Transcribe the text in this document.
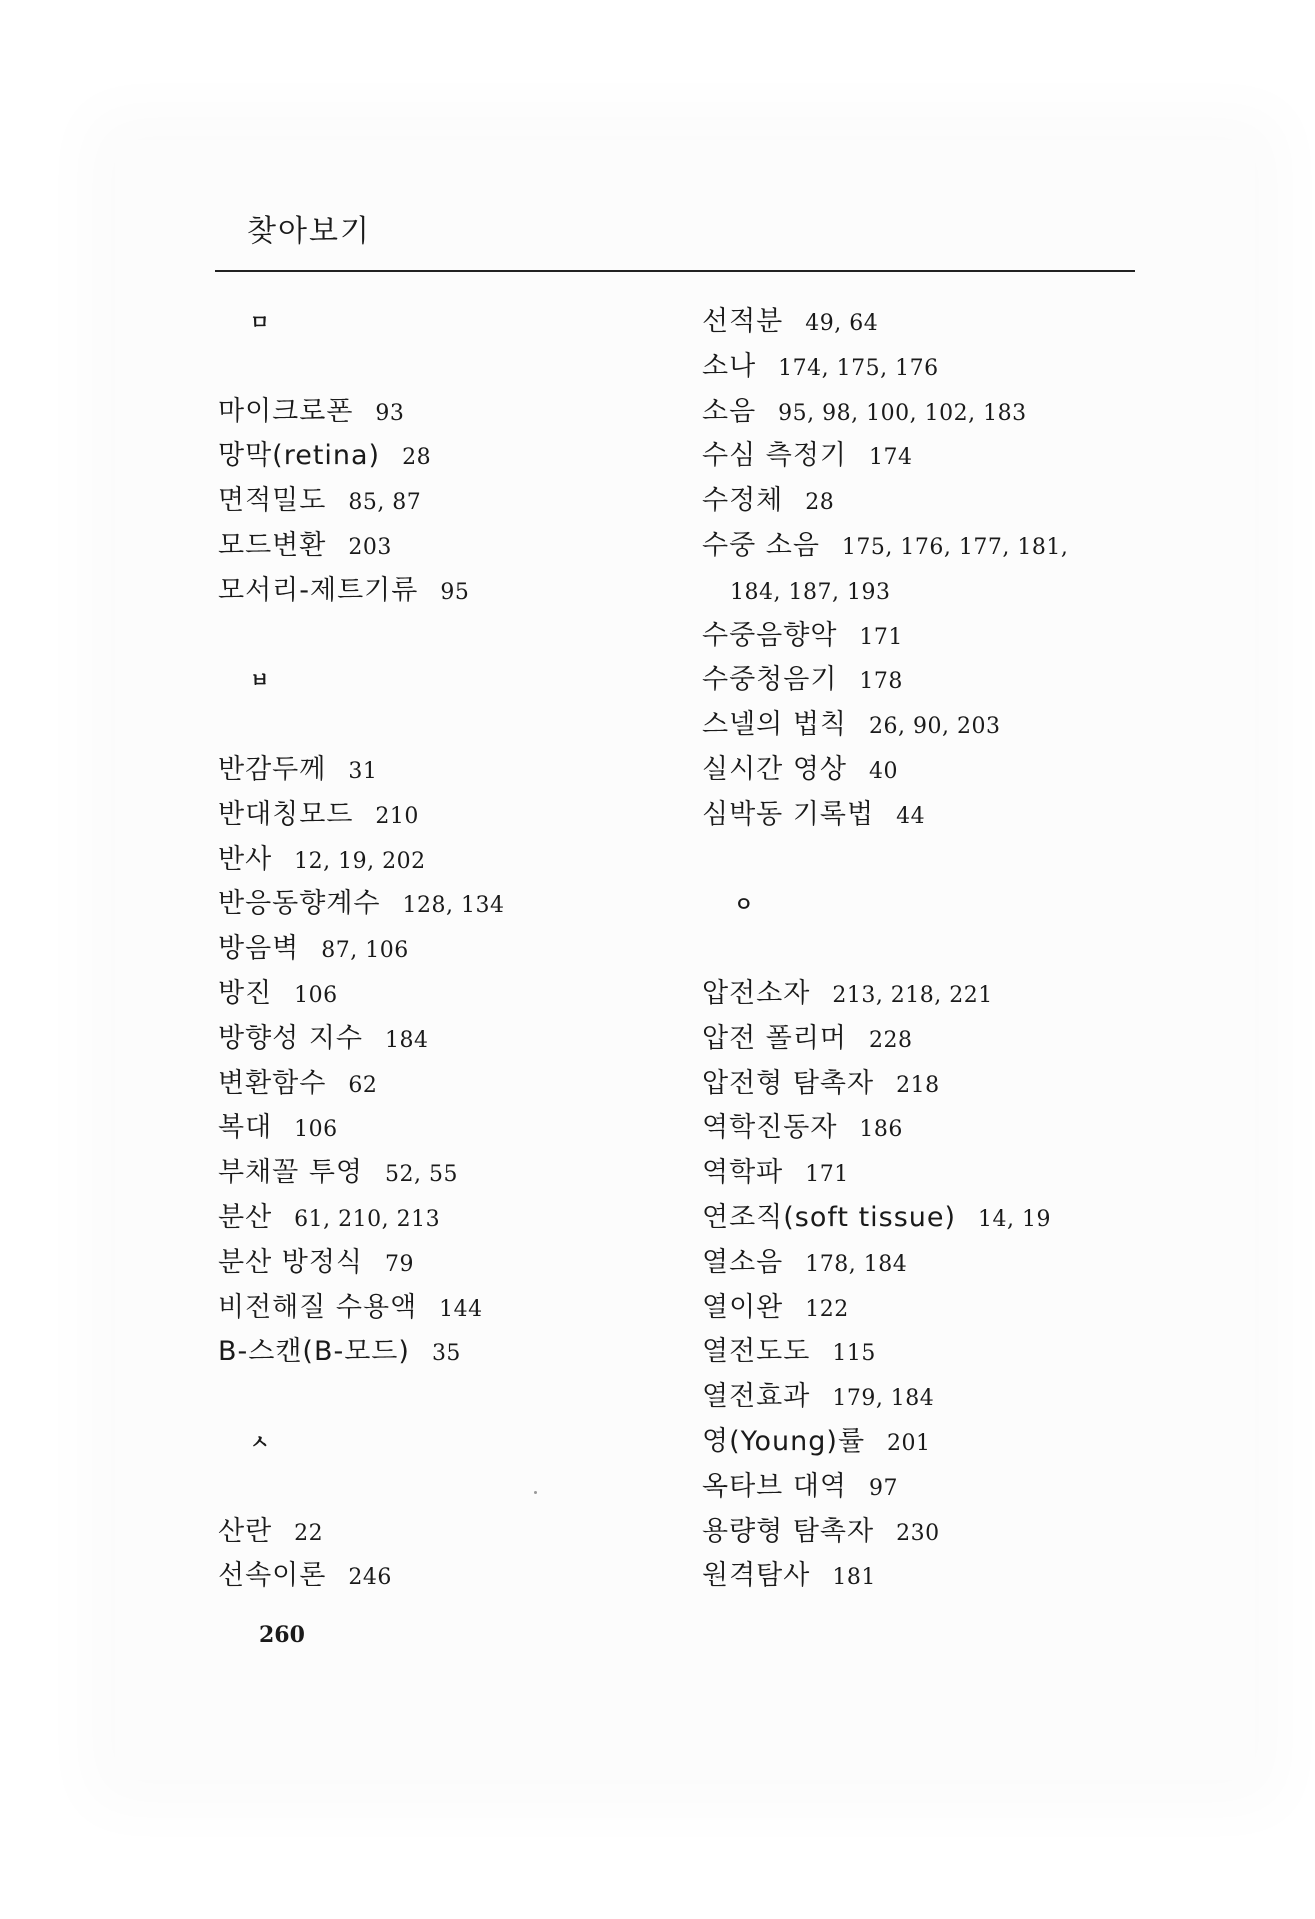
찾아보기
ㅁ
마이크로폰 93
망막(retina) 28
면적밀도 85, 87
모드변환 203
모서리-제트기류 95
ㅂ
반감두께 31
반대칭모드 210
반사 12, 19, 202
반응동향계수 128, 134
방음벽 87, 106
방진 106
방향성 지수 184
변환함수 62
복대 106
부채꼴 투영 52, 55
분산 61, 210, 213
분산 방정식 79
비전해질 수용액 144
B-스캔(B-모드) 35
ㅅ
산란 22
선속이론 246
선적분 49, 64
소나 174, 175, 176
소음 95, 98, 100, 102, 183
수심 측정기 174
수정체 28
수중 소음 175, 176, 177, 181,
184, 187, 193
수중음향악 171
수중청음기 178
스넬의 법칙 26, 90, 203
실시간 영상 40
심박동 기록법 44
ㅇ
압전소자 213, 218, 221
압전 폴리머 228
압전형 탐촉자 218
역학진동자 186
역학파 171
연조직(soft tissue) 14, 19
열소음 178, 184
열이완 122
열전도도 115
열전효과 179, 184
영(Young)률 201
옥타브 대역 97
용량형 탐촉자 230
원격탐사 181
260
